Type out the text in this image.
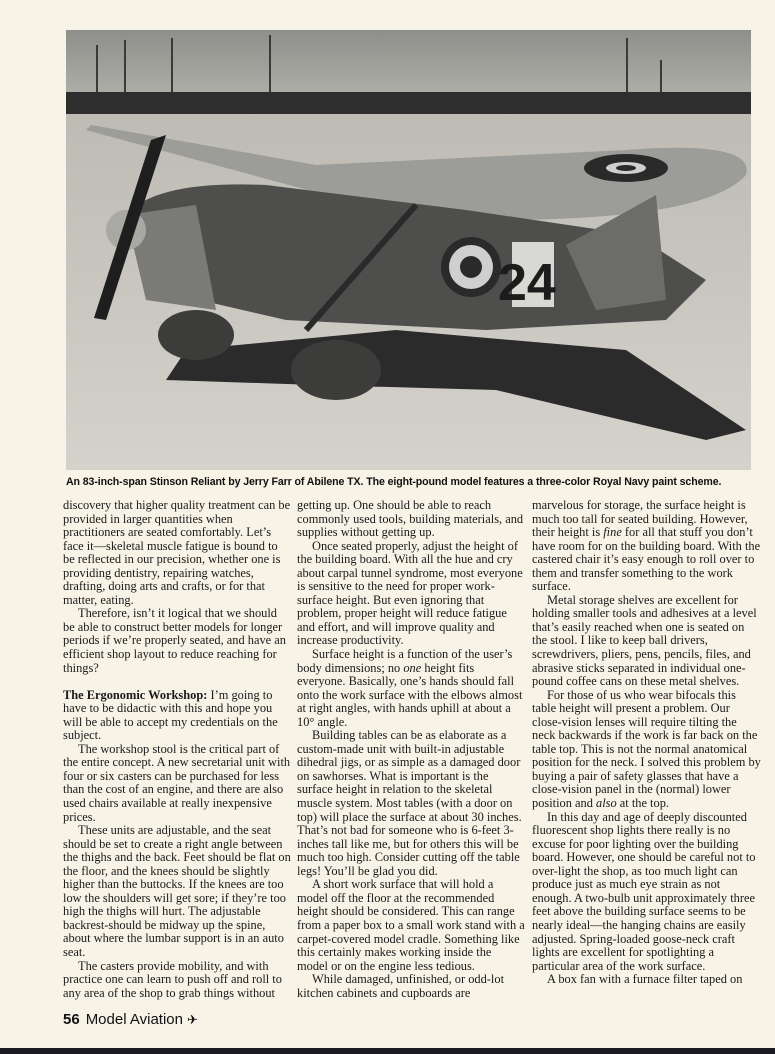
24
An 83-inch-span Stinson Reliant by Jerry Farr of Abilene TX. The eight-pound model features a three-color Royal Navy paint scheme.

discovery that higher quality treatment can be provided in larger quantities when practitioners are seated comfortably. Let’s face it—skeletal muscle fatigue is bound to be reflected in our precision, whether one is providing dentistry, repairing watches, drafting, doing arts and crafts, or for that matter, eating.

Therefore, isn’t it logical that we should be able to construct better models for longer periods if we’re properly seated, and have an efficient shop layout to reduce reaching for things?

The Ergonomic Workshop: I’m going to have to be didactic with this and hope you will be able to accept my credentials on the subject.

The workshop stool is the critical part of the entire concept. A new secretarial unit with four or six casters can be purchased for less than the cost of an engine, and there are also used chairs available at really inexpensive prices.

These units are adjustable, and the seat should be set to create a right angle between the thighs and the back. Feet should be flat on the floor, and the knees should be slightly higher than the buttocks. If the knees are too low the shoulders will get sore; if they’re too high the thighs will hurt. The adjustable backrest-should be midway up the spine, about where the lumbar support is in an auto seat.

The casters provide mobility, and with practice one can learn to push off and roll to any area of the shop to grab things without

getting up. One should be able to reach commonly used tools, building materials, and supplies without getting up.

Once seated properly, adjust the height of the building board. With all the hue and cry about carpal tunnel syndrome, most everyone is sensitive to the need for proper work-surface height. But even ignoring that problem, proper height will reduce fatigue and effort, and will improve quality and increase productivity.

Surface height is a function of the user’s body dimensions; no one height fits everyone. Basically, one’s hands should fall onto the work surface with the elbows almost at right angles, with hands uphill at about a 10° angle.

Building tables can be as elaborate as a custom-made unit with built-in adjustable dihedral jigs, or as simple as a damaged door on sawhorses. What is important is the surface height in relation to the skeletal muscle system. Most tables (with a door on top) will place the surface at about 30 inches. That’s not bad for someone who is 6-feet 3-inches tall like me, but for others this will be much too high. Consider cutting off the table legs! You’ll be glad you did.

A short work surface that will hold a model off the floor at the recommended height should be considered. This can range from a paper box to a small work stand with a carpet-covered model cradle. Something like this certainly makes working inside the model or on the engine less tedious.

While damaged, unfinished, or odd-lot kitchen cabinets and cupboards are

marvelous for storage, the surface height is much too tall for seated building. However, their height is fine for all that stuff you don’t have room for on the building board. With the castered chair it’s easy enough to roll over to them and transfer something to the work surface.

Metal storage shelves are excellent for holding smaller tools and adhesives at a level that’s easily reached when one is seated on the stool. I like to keep ball drivers, screwdrivers, pliers, pens, pencils, files, and abrasive sticks separated in individual one-pound coffee cans on these metal shelves.

For those of us who wear bifocals this table height will present a problem. Our close-vision lenses will require tilting the neck backwards if the work is far back on the table top. This is not the normal anatomical position for the neck. I solved this problem by buying a pair of safety glasses that have a close-vision panel in the (normal) lower position and also at the top.

In this day and age of deeply discounted fluorescent shop lights there really is no excuse for poor lighting over the building board. However, one should be careful not to over-light the shop, as too much light can produce just as much eye strain as not enough. A two-bulb unit approximately three feet above the building surface seems to be nearly ideal—the hanging chains are easily adjusted. Spring-loaded goose-neck craft lights are excellent for spotlighting a particular area of the work surface.

A box fan with a furnace filter taped on

56 Model Aviation ✈
